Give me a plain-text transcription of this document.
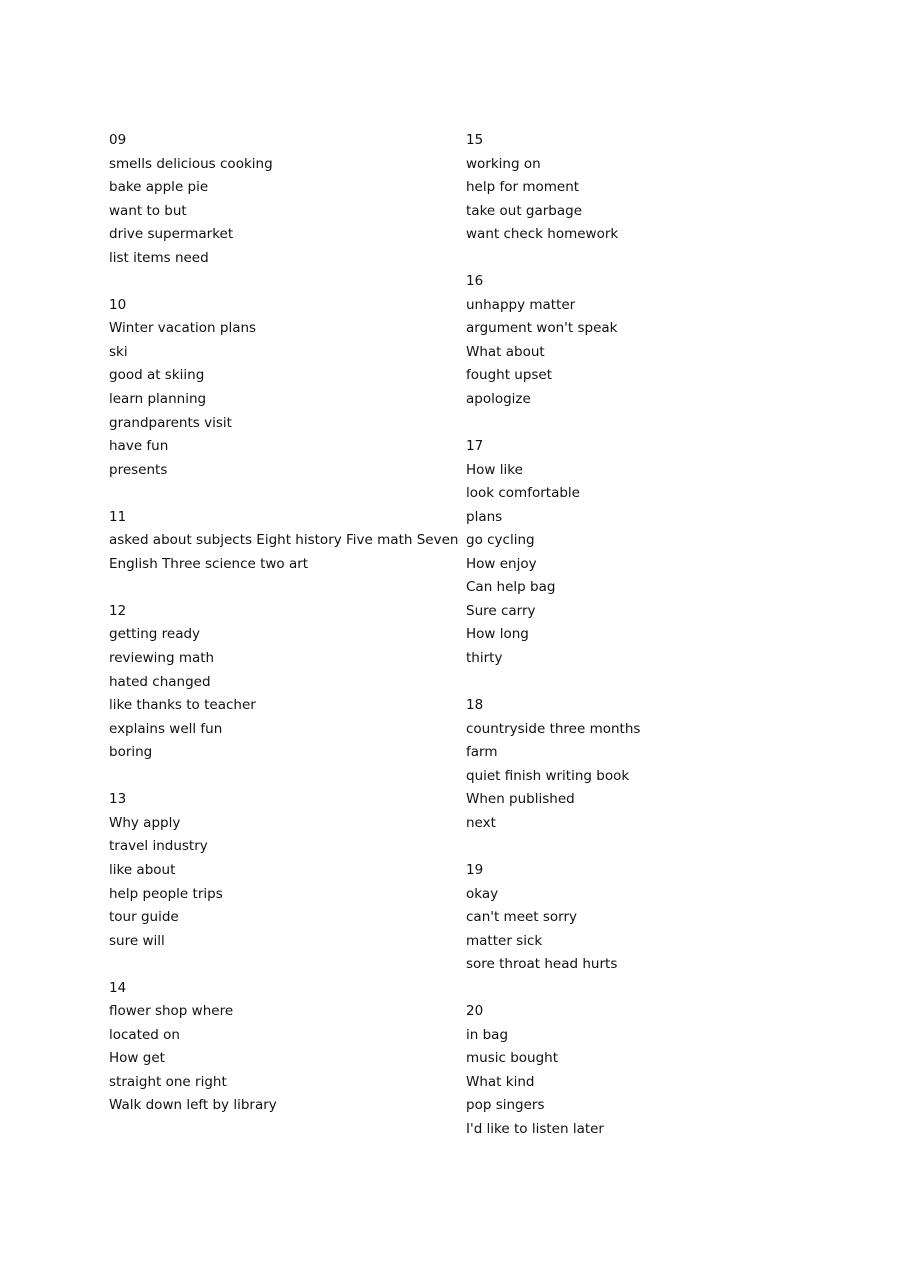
09
smells delicious cooking
bake apple pie
want to but
drive supermarket
list items need
10
Winter vacation plans
ski
good at skiing
learn planning
grandparents visit
have fun
presents
11
asked about subjects Eight history Five math Seven
English Three science two art
12
getting ready
reviewing math
hated changed
like thanks to teacher
explains well fun
boring
13
Why apply
travel industry
like about
help people trips
tour guide
sure will
14
flower shop where
located on
How get
straight one right
Walk down left by library
15
working on
help for moment
take out garbage
want check homework
16
unhappy matter
argument won't speak
What about
fought upset
apologize
17
How like
look comfortable
plans
go cycling
How enjoy
Can help bag
Sure carry
How long
thirty
18
countryside three months
farm
quiet finish writing book
When published
next
19
okay
can't meet sorry
matter sick
sore throat head hurts
20
in bag
music bought
What kind
pop singers
I'd like to listen later
